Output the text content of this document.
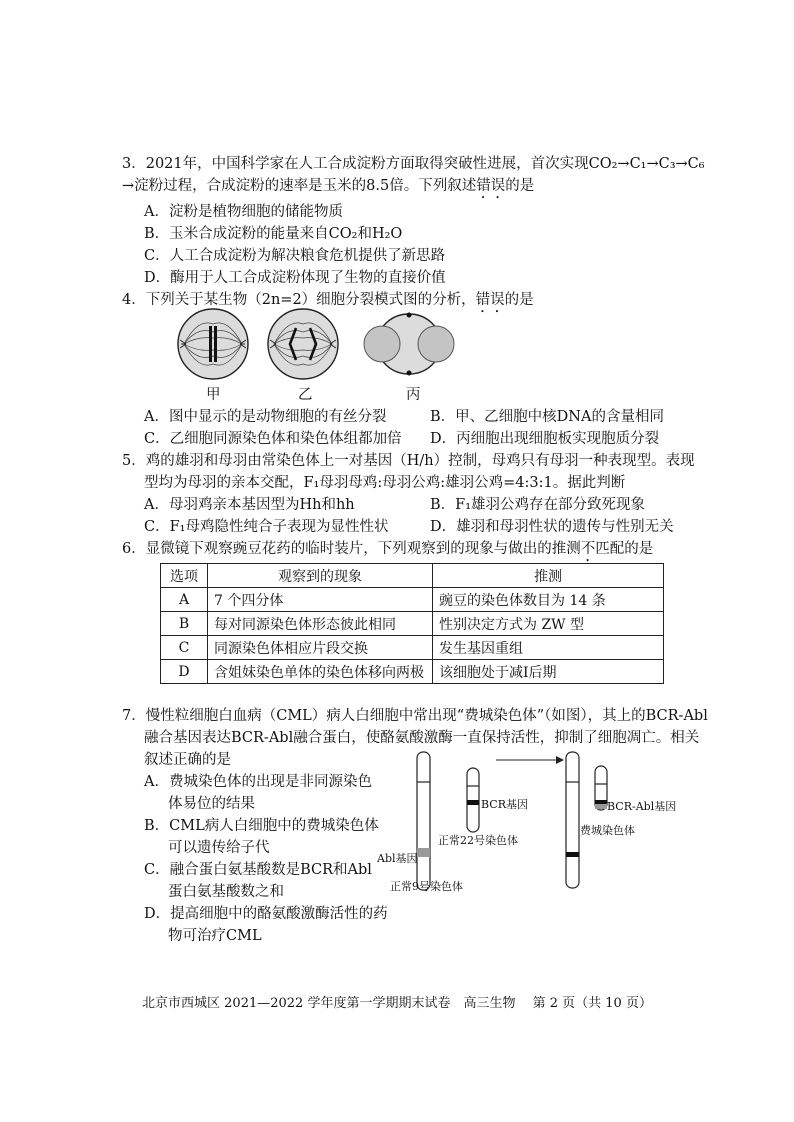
3．2021年，中国科学家在人工合成淀粉方面取得突破性进展，首次实现CO₂→C₁→C₃→C₆
→淀粉过程，合成淀粉的速率是玉米的8.5倍。下列叙述错误的是
A．淀粉是植物细胞的储能物质
B．玉米合成淀粉的能量来自CO₂和H₂O
C．人工合成淀粉为解决粮食危机提供了新思路
D．酶用于人工合成淀粉体现了生物的直接价值
4．下列关于某生物（2n=2）细胞分裂模式图的分析，错误的是
甲	乙	丙
A．图中显示的是动物细胞的有丝分裂	B．甲、乙细胞中核DNA的含量相同
C．乙细胞同源染色体和染色体组都加倍 D．丙细胞出现细胞板实现胞质分裂
5．鸡的雄羽和母羽由常染色体上一对基因（H/h）控制，母鸡只有母羽一种表现型。表现
型均为母羽的亲本交配，F₁母羽母鸡:母羽公鸡:雄羽公鸡=4:3:1。据此判断
A．母羽鸡亲本基因型为Hh和hh	B．F₁雄羽公鸡存在部分致死现象
C．F₁母鸡隐性纯合子表现为显性性状	D．雄羽和母羽性状的遗传与性别无关
6．显微镜下观察豌豆花药的临时装片，下列观察到的现象与做出的推测不匹配的是
选项	观察到的现象	推测
A	7 个四分体	豌豆的染色体数目为 14 条
B	每对同源染色体形态彼此相同	性别决定方式为 ZW 型
C	同源染色体相应片段交换	发生基因重组
D	含姐妹染色单体的染色体移向两极	该细胞处于减Ⅰ后期
7．慢性粒细胞白血病（CML）病人白细胞中常出现“费城染色体”（如图），其上的BCR-Abl
融合基因表达BCR-Abl融合蛋白，使酪氨酸激酶一直保持活性，抑制了细胞凋亡。相关
叙述正确的是
A．费城染色体的出现是非同源染色
体易位的结果
B．CML病人白细胞中的费城染色体
可以遗传给子代
C．融合蛋白氨基酸数是BCR和Abl
蛋白氨基酸数之和
D．提高细胞中的酪氨酸激酶活性的药
物可治疗CML
BCR基因
正常22号染色体
Abl基因
正常9号染色体
BCR-Abl基因
费城染色体
北京市西城区 2021—2022 学年度第一学期期末试卷　高三生物　 第 2 页（共 10 页）
